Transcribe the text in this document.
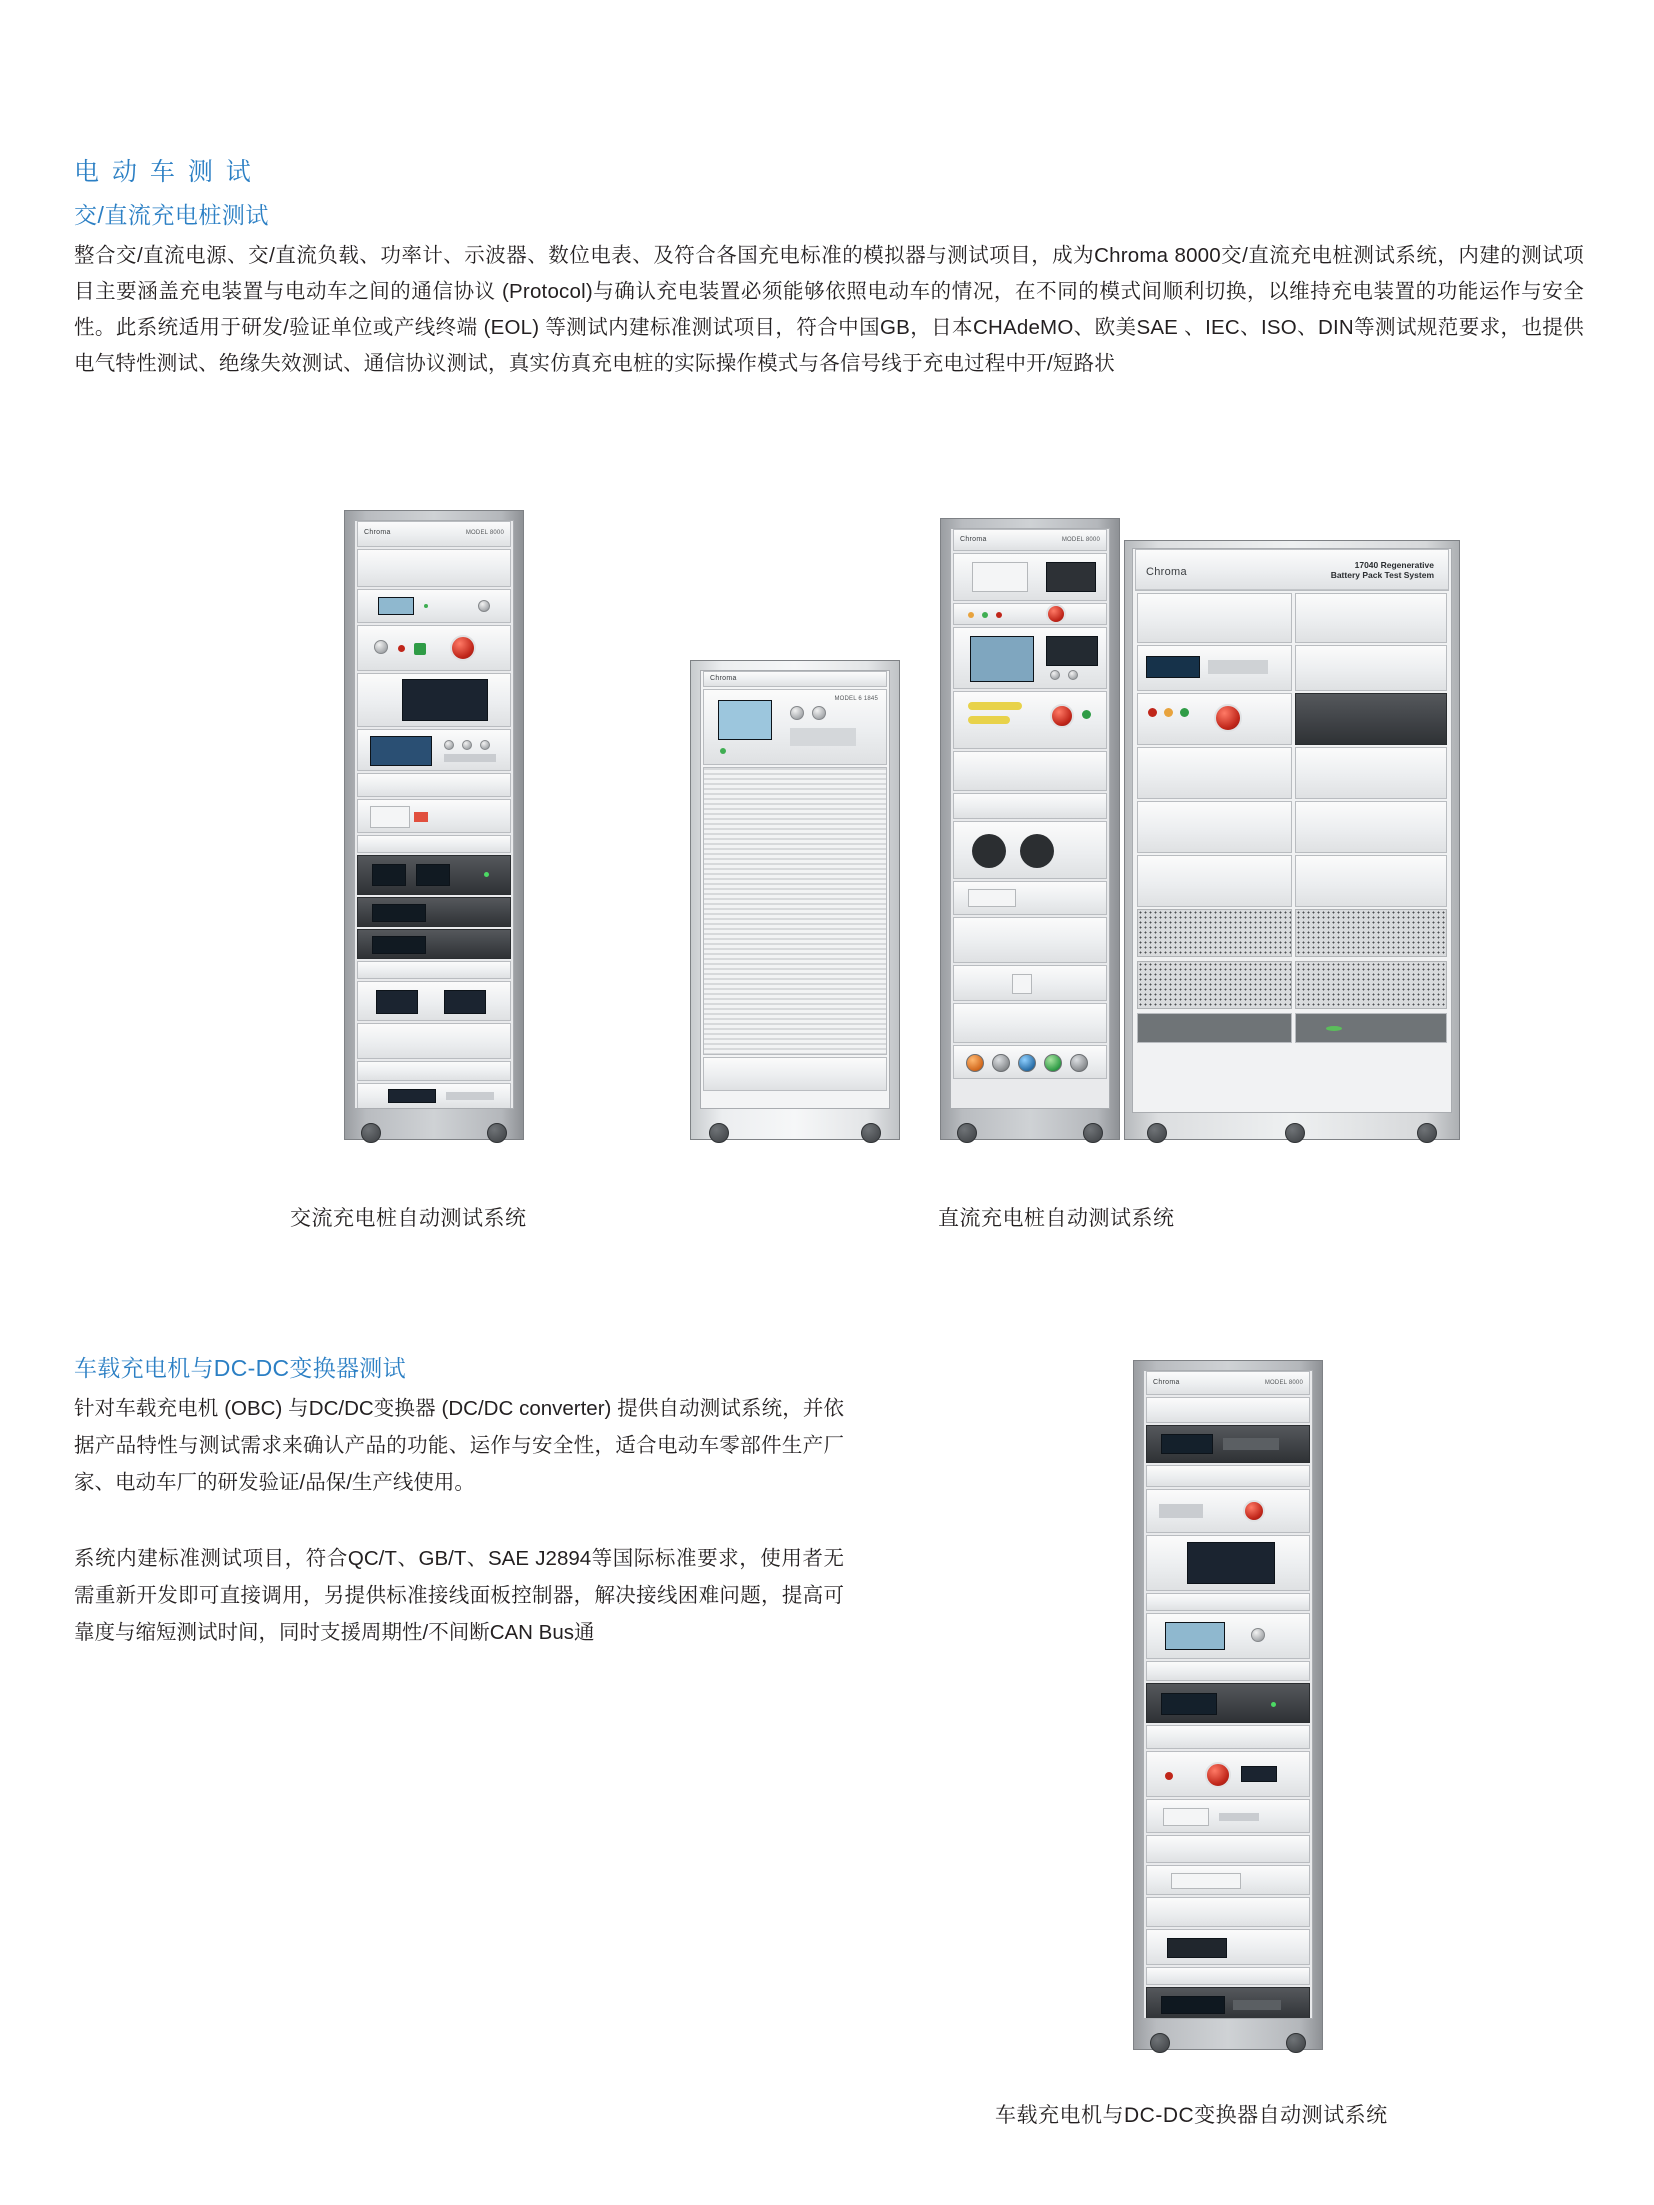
电 动 车 测 试
交/直流充电桩测试
整合交/直流电源、交/直流负载、功率计、示波器、数位电表、及符合各国充电标准的模拟器与测试项目，成为Chroma 8000交/直流充电桩测试系统，内建的测试项目主要涵盖充电装置与电动车之间的通信协议 (Protocol)与确认充电装置必须能够依照电动车的情况，在不同的模式间顺利切换，以维持充电装置的功能运作与安全性。此系统适用于研发/验证单位或产线终端 (EOL) 等测试内建标准测试项目，符合中国GB，日本CHAdeMO、欧美SAE 、IEC、ISO、DIN等测试规范要求，也提供电气特性测试、绝缘失效测试、通信协议测试，真实仿真充电桩的实际操作模式与各信号线于充电过程中开/短路状
交流充电桩自动测试系统	直流充电桩自动测试系统
车载充电机与DC-DC变换器自动测试系统
车载充电机与DC-DC变换器测试
针对车载充电机 (OBC) 与DC/DC变换器 (DC/DC converter) 提供自动测试系统，并依据产品特性与测试需求来确认产品的功能、运作与安全性，适合电动车零部件生产厂家、电动车厂的研发验证/品保/生产线使用。
系统内建标准测试项目，符合QC/T、GB/T、SAE J2894等国际标准要求，使用者无需重新开发即可直接调用，另提供标准接线面板控制器，解决接线困难问题，提高可靠度与缩短测试时间，同时支援周期性/不间断CAN Bus通
Chroma	MODEL 8000
Chroma
MODEL 6 1845
Chroma	MODEL 8000
Chroma
17040 Regenerative
Battery Pack Test System
Chroma	MODEL 8000
